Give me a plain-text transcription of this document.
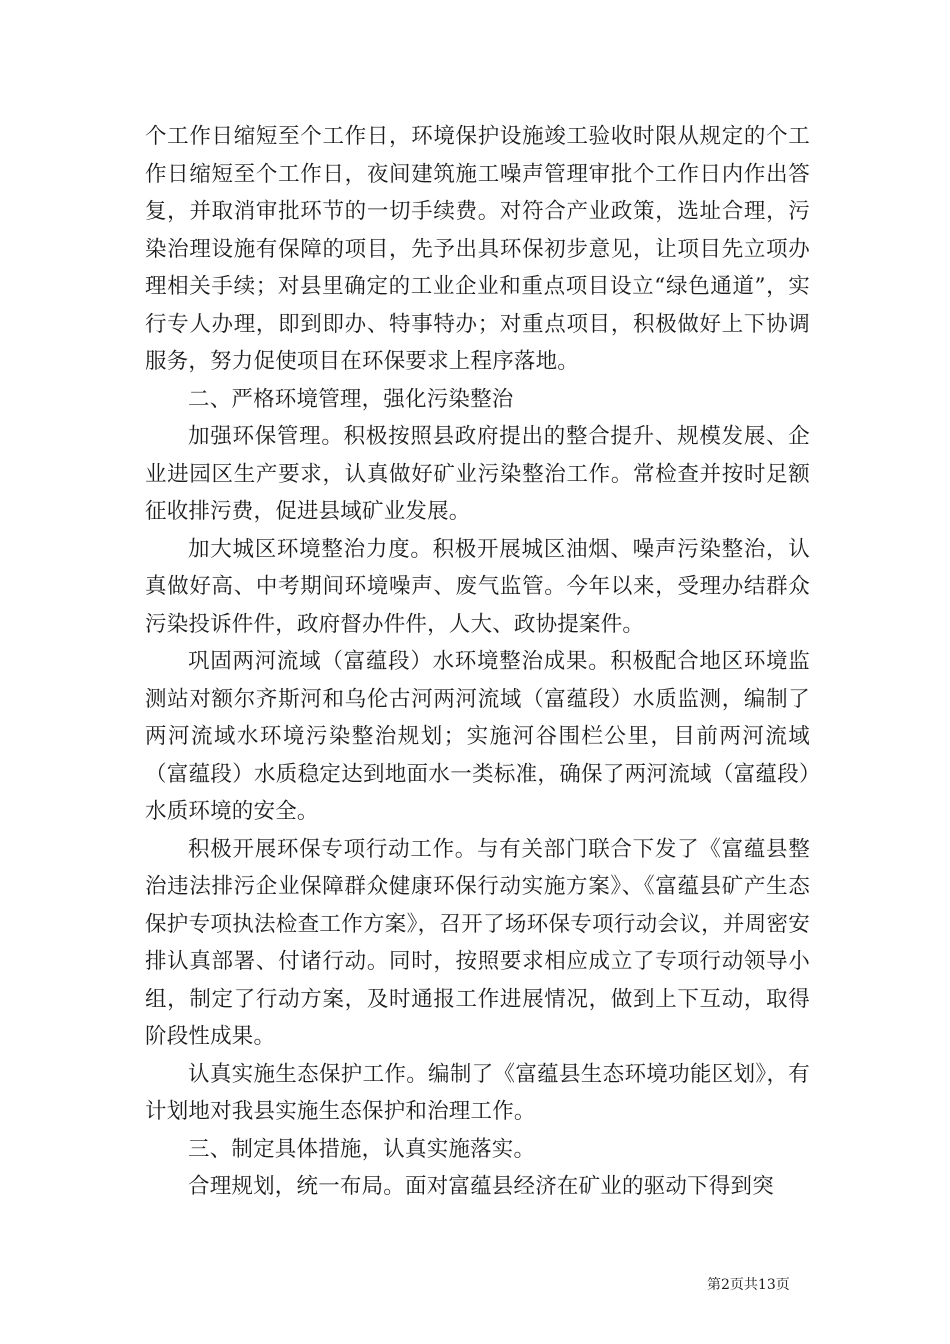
个工作日缩短至个工作日，环境保护设施竣工验收时限从规定的个工作日缩短至个工作日，夜间建筑施工噪声管理审批个工作日内作出答复，并取消审批环节的一切手续费。对符合产业政策，选址合理，污染治理设施有保障的项目，先予出具环保初步意见，让项目先立项办理相关手续；对县里确定的工业企业和重点项目设立“绿色通道”，实行专人办理，即到即办、特事特办；对重点项目，积极做好上下协调服务，努力促使项目在环保要求上程序落地。

二、严格环境管理，强化污染整治

加强环保管理。积极按照县政府提出的整合提升、规模发展、企业进园区生产要求，认真做好矿业污染整治工作。常检查并按时足额征收排污费，促进县域矿业发展。

加大城区环境整治力度。积极开展城区油烟、噪声污染整治，认真做好高、中考期间环境噪声、废气监管。今年以来，受理办结群众污染投诉件件，政府督办件件，人大、政协提案件。

巩固两河流域（富蕴段）水环境整治成果。积极配合地区环境监测站对额尔齐斯河和乌伦古河两河流域（富蕴段）水质监测，编制了两河流域水环境污染整治规划；实施河谷围栏公里，目前两河流域（富蕴段）水质稳定达到地面水一类标准，确保了两河流域（富蕴段）水质环境的安全。

积极开展环保专项行动工作。与有关部门联合下发了《富蕴县整治违法排污企业保障群众健康环保行动实施方案》、《富蕴县矿产生态保护专项执法检查工作方案》，召开了场环保专项行动会议，并周密安排认真部署、付诸行动。同时，按照要求相应成立了专项行动领导小组，制定了行动方案，及时通报工作进展情况，做到上下互动，取得阶段性成果。

认真实施生态保护工作。编制了《富蕴县生态环境功能区划》，有计划地对我县实施生态保护和治理工作。

三、制定具体措施，认真实施落实。

合理规划，统一布局。面对富蕴县经济在矿业的驱动下得到突

第2页共13页
